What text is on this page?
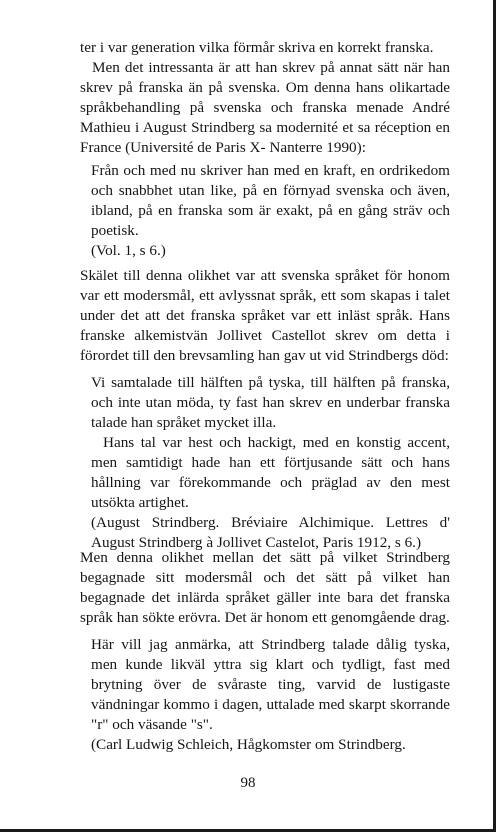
ter i var generation vilka förmår skriva en korrekt franska.

Men det intressanta är att han skrev på annat sätt när han skrev på franska än på svenska. Om denna hans olikartade språkbehandling på svenska och franska menade André Mathieu i August Strindberg sa modernité et sa réception en France (Université de Paris X- Nanterre 1990):

Från och med nu skriver han med en kraft, en ordrikedom och snabbhet utan like, på en förnyad svenska och även, ibland, på en franska som är exakt, på en gång sträv och poetisk.

(Vol. 1, s 6.)

Skälet till denna olikhet var att svenska språket för honom var ett modersmål, ett avlyssnat språk, ett som skapas i talet under det att det franska språket var ett inläst språk. Hans franske alkemistvän Jollivet Castellot skrev om detta i förordet till den brevsamling han gav ut vid Strindbergs död:

Vi samtalade till hälften på tyska, till hälften på franska, och inte utan möda, ty fast han skrev en underbar franska talade han språket mycket illa.

Hans tal var hest och hackigt, med en konstig accent, men samtidigt hade han ett förtjusande sätt och hans hållning var förekommande och präglad av den mest utsökta artighet.

(August Strindberg. Bréviaire Alchimique. Lettres d' August Strindberg à Jollivet Castelot, Paris 1912, s 6.)

Men denna olikhet mellan det sätt på vilket Strindberg begagnade sitt modersmål och det sätt på vilket han begagnade det inlärda språket gäller inte bara det franska språk han sökte erövra. Det är honom ett genomgående drag.

Här vill jag anmärka, att Strindberg talade dålig tyska, men kunde likväl yttra sig klart och tydligt, fast med brytning över de svåraste ting, varvid de lustigaste vändningar kommo i dagen, uttalade med skarpt skorrande "r" och väsande "s".

(Carl Ludwig Schleich, Hågkomster om Strindberg.

98
